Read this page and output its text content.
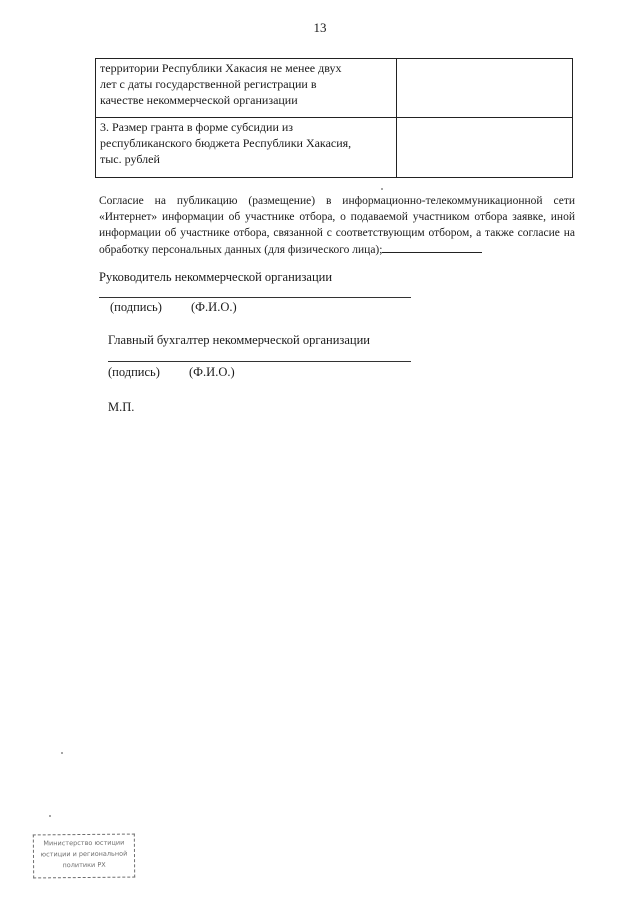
13
территории Республики Хакасия не менее двух
лет с даты государственной регистрации в
качестве некоммерческой организации	

3. Размер гранта в форме субсидии из
республиканского бюджета Республики Хакасия,
тыс. рублей	

Согласие на публикацию (размещение) в информационно-телекоммуникационной сети «Интернет» информации об участнике отбора, о подаваемой участником отбора заявке, иной информации об участнике отбора, связанной с соответствующим отбором, а также согласие на обработку персональных данных (для физического лица);
Руководитель некоммерческой организации
(подпись) (Ф.И.О.)
Главный бухгалтер некоммерческой организации
(подпись) (Ф.И.О.)
М.П.
Министерство юстиции
юстиции и региональной
политики РХ
